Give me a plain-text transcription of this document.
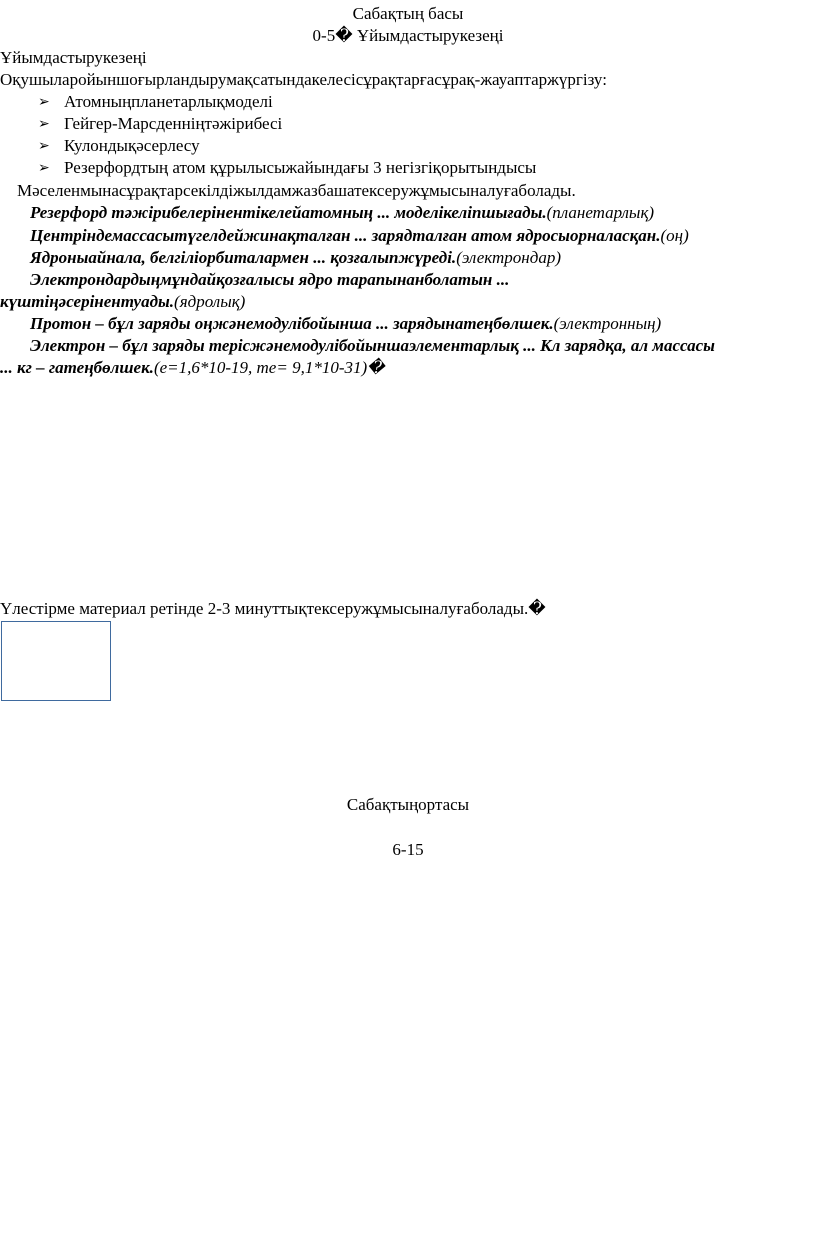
Сабақтың басы
0-5� Ұйымдастырукезеңі
Ұйымдастырукезеңі
Оқушыларойыншоғырландырумақсатындакелесісұрақтарғасұрақ-жауаптаржүргізу:
➢ Атомныңпланетарлықмоделі
➢ Гейгер-Марсденніңтәжірибесі
➢ Кулондықәсерлесу
➢ Резерфордтың атом құрылысыжайындағы 3 негізгіқорытындысы
Мәселенмынасұрақтарсекілдіжылдамжазбашатексеружұмысыналуғаболады.
Резерфорд тәжірибелерінентікелейатомның ... моделікеліпшығады.(планетарлық)
Центріндемассасытүгелдейжинақталған ... зарядталған атом ядросыорналасқан.(оң)
Ядроныайнала, белгіліорбиталармен ... қозғалыпжүреді.(электрондар)
Электрондардыңмұндайқозғалысы ядро тарапынанболатын ...
күштіңәсерінентуады.(ядролық)
Протон – бұл заряды оңжәнемодулібойынша ... зарядынатеңбөлшек.(электронның)
Электрон – бұл заряды терісжәнемодулібойыншаэлементарлық ... Кл зарядқа, ал массасы
... кг – гатеңбөлшек.(e=1,6*10-19, me= 9,1*10-31)�
Үлестірме материал ретінде 2-3 минуттықтексеружұмысыналуғаболады.�
Сабақтыңортасы
6-15
